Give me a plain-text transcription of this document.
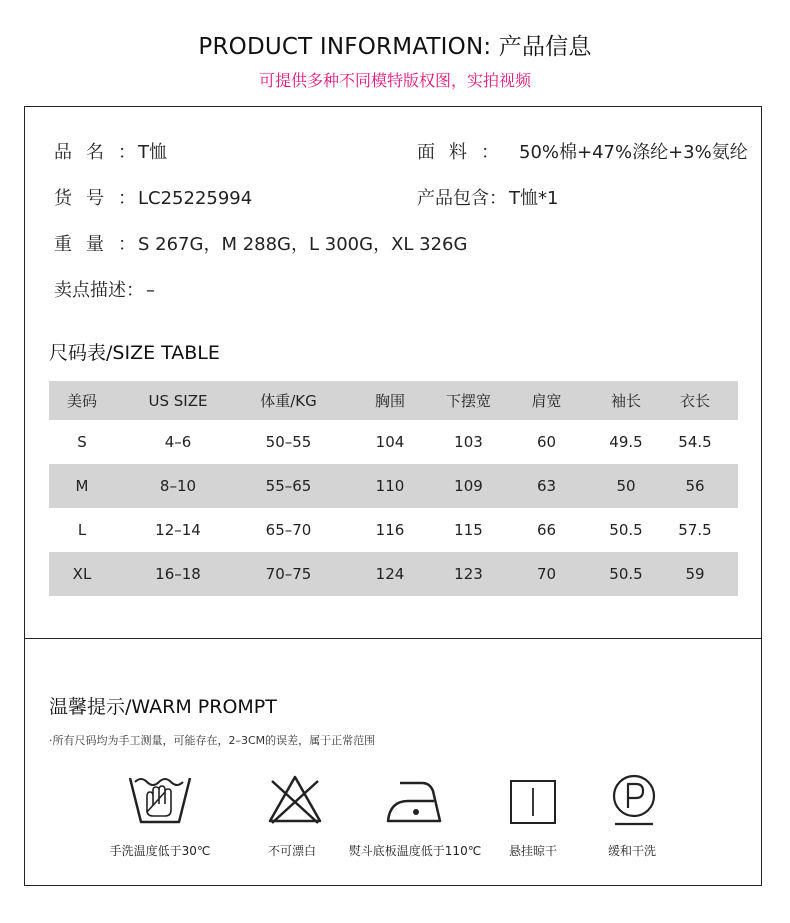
PRODUCT INFORMATION: 产品信息
可提供多种不同模特版权图，实拍视频
品名： T恤	面料： 50%棉+47%涤纶+3%氨纶
货号： LC25225994	产品包含： T恤*1
重量： S 267G，M 288G，L 300G，XL 326G
卖点描述： –
尺码表/SIZE TABLE
美码	US SIZE	体重/KG	胸围	下摆宽	肩宽	袖长	衣长
S	4–6	50–55	104	103	60	49.5	54.5
M	8–10	55–65	110	109	63	50	56
L	12–14	65–70	116	115	66	50.5	57.5
XL	16–18	70–75	124	123	70	50.5	59
温馨提示/WARM PROMPT
·所有尺码均为手工测量，可能存在，2–3CM的误差，属于正常范围
手洗温度低于30℃	不可漂白	熨斗底板温度低于110℃	悬挂晾干	缓和干洗
